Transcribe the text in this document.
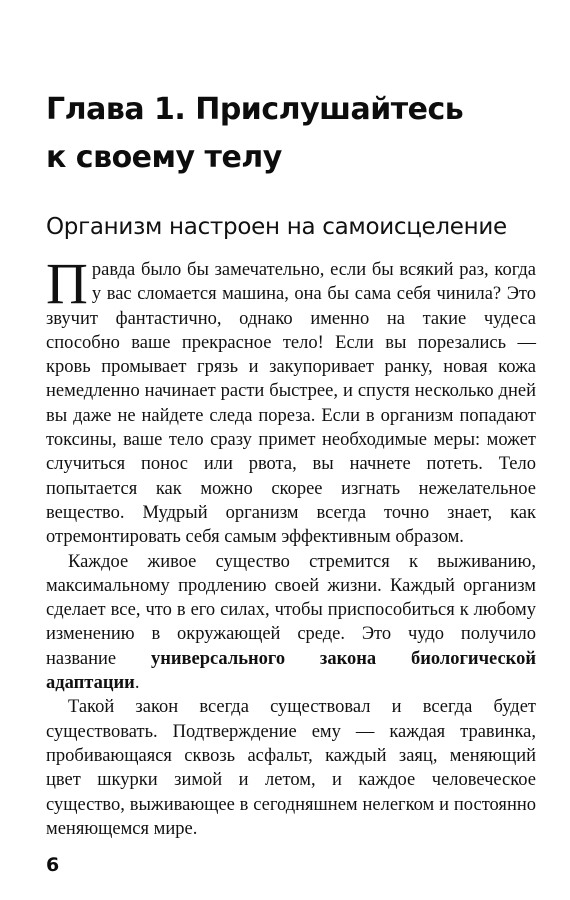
Глава 1. Прислушайтесь
к своему телу
Организм настроен на самоисцеление

Правда было бы замечательно, если бы всякий раз, когда у вас сломается машина, она бы сама себя чинила? Это звучит фантастично, однако именно на такие чудеса способно ваше прекрасное тело! Если вы порезались — кровь промывает грязь и закупоривает ранку, новая кожа немедленно начинает расти быстрее, и спустя несколько дней вы даже не найдете следа пореза. Если в организм попадают токсины, ваше тело сразу примет необходимые меры: может случиться понос или рвота, вы начнете потеть. Тело попытается как можно скорее изгнать нежелательное вещество. Мудрый организм всегда точно знает, как отремонтировать себя самым эффективным образом.

Каждое живое существо стремится к выживанию, максимальному продлению своей жизни. Каждый организм сделает все, что в его силах, чтобы приспособиться к любому изменению в окружающей среде. Это чудо получило название универсального закона биологической адаптации.

Такой закон всегда существовал и всегда будет существовать. Подтверждение ему — каждая травинка, пробивающаяся сквозь асфальт, каждый заяц, меняющий цвет шкурки зимой и летом, и каждое человеческое существо, выживающее в сегодняшнем нелегком и постоянно меняющемся мире.

6
